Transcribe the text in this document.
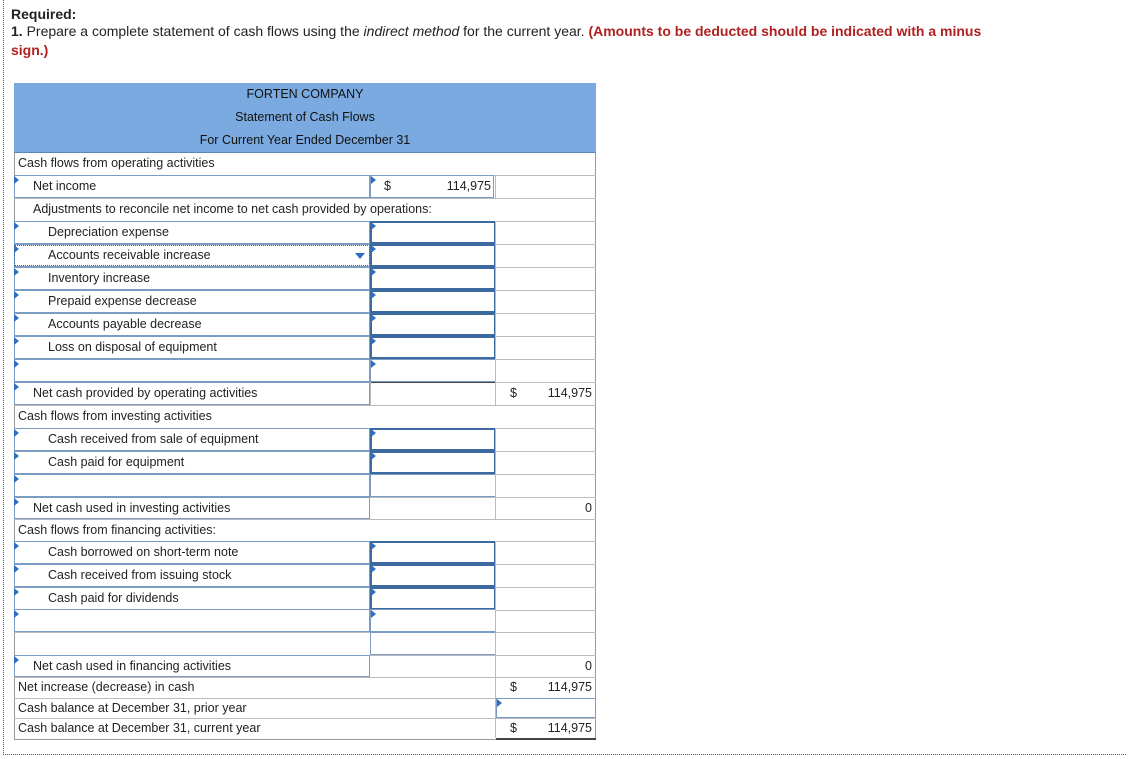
Required:
1. Prepare a complete statement of cash flows using the indirect method for the current year. (Amounts to be deducted should be indicated with a minus sign.)
FORTEN COMPANY
Statement of Cash Flows
For Current Year Ended December 31
Cash flows from operating activities
Net income	$	114,975
Adjustments to reconcile net income to net cash provided by operations:
Depreciation expense
Accounts receivable increase
Inventory increase
Prepaid expense decrease
Accounts payable decrease
Loss on disposal of equipment
Net cash provided by operating activities	$	114,975
Cash flows from investing activities
Cash received from sale of equipment
Cash paid for equipment
Net cash used in investing activities	0
Cash flows from financing activities:
Cash borrowed on short-term note
Cash received from issuing stock
Cash paid for dividends
Net cash used in financing activities	0
Net increase (decrease) in cash	$	114,975
Cash balance at December 31, prior year
Cash balance at December 31, current year	$	114,975
